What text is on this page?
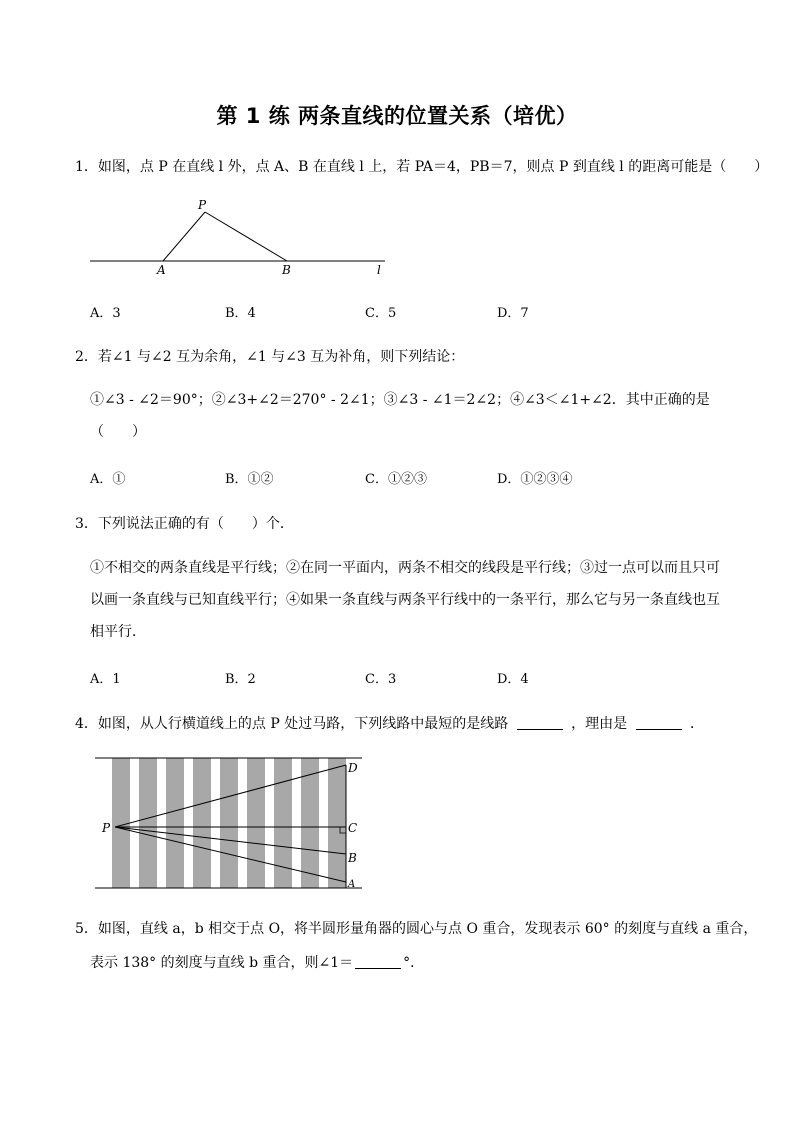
第 1 练 两条直线的位置关系（培优）
1．如图，点 P 在直线 l 外，点 A、B 在直线 l 上，若 PA＝4，PB＝7，则点 P 到直线 l 的距离可能是（　　）
P
A	B	l
A．3	B．4	C．5	D．7
2．若∠1 与∠2 互为余角，∠1 与∠3 互为补角，则下列结论：
①∠3 - ∠2＝90°；②∠3+∠2＝270° - 2∠1；③∠3 - ∠1＝2∠2；④∠3＜∠1+∠2．其中正确的是（　　）
A．①	B．①②	C．①②③	D．①②③④
3．下列说法正确的有（　　）个．
①不相交的两条直线是平行线；②在同一平面内，两条不相交的线段是平行线；③过一点可以而且只可以画一条直线与已知直线平行；④如果一条直线与两条平行线中的一条平行，那么它与另一条直线也互相平行．
A．1	B．2	C．3	D．4
4．如图，从人行横道线上的点 P 处过马路，下列线路中最短的是线路	，理由是	．
P
D
C
B
A
5．如图，直线 a，b 相交于点 O，将半圆形量角器的圆心与点 O 重合，发现表示 60° 的刻度与直线 a 重合，
表示 138° 的刻度与直线 b 重合，则∠1＝	°．
